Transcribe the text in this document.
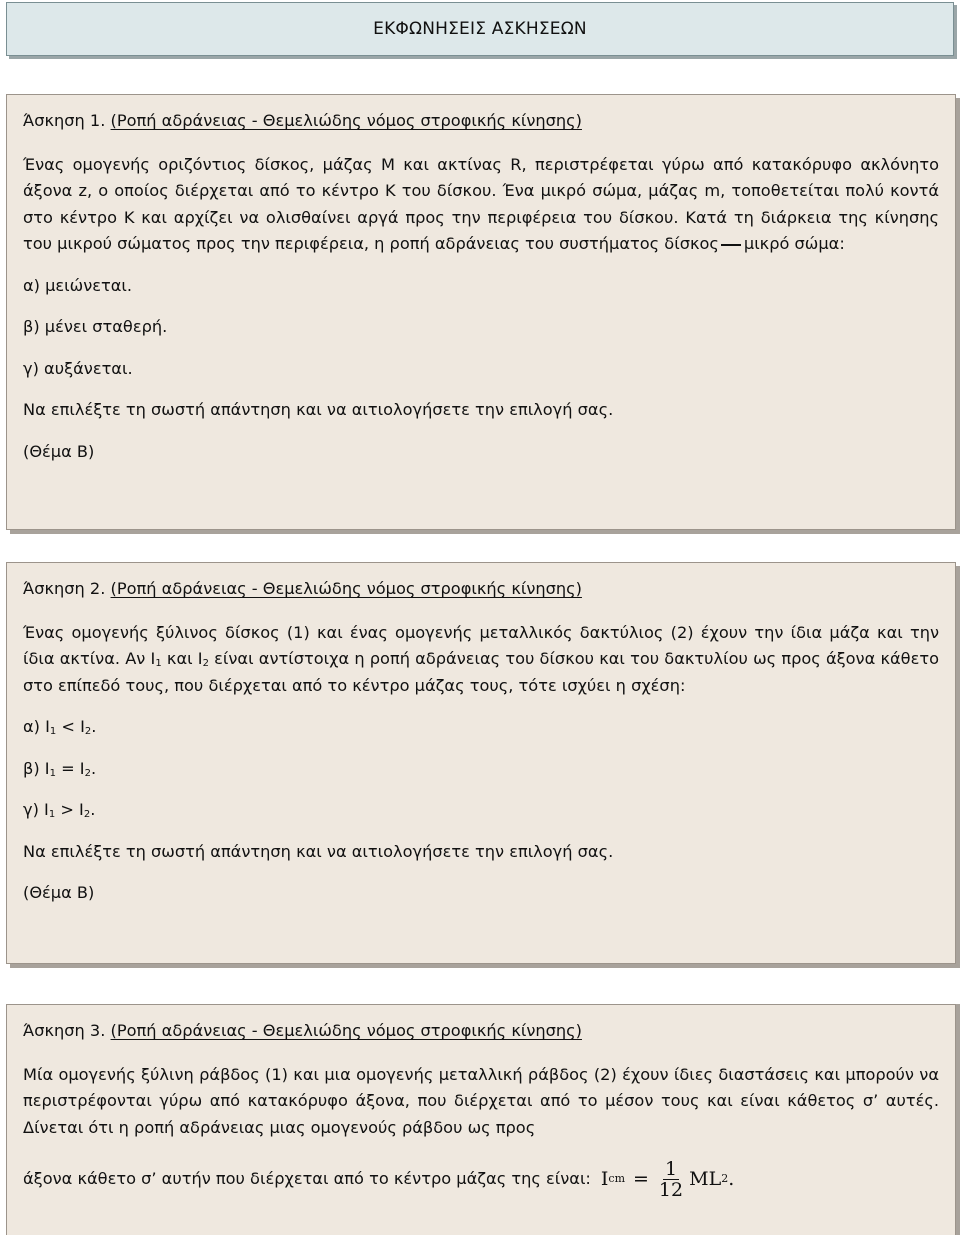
ΕΚΦΩΝΗΣΕΙΣ ΑΣΚΗΣΕΩΝ

Άσκηση 1. (Ροπή αδράνειας - Θεμελιώδης νόμος στροφικής κίνησης)

Ένας ομογενής οριζόντιος δίσκος, μάζας M και ακτίνας R, περιστρέφεται γύρω από κατακόρυφο ακλόνητο άξονα z, ο οποίος διέρχεται από το κέντρο K του δίσκου. Ένα μικρό σώμα, μάζας m, τοποθετείται πολύ κοντά στο κέντρο K και αρχίζει να ολισθαίνει αργά προς την περιφέρεια του δίσκου. Κατά τη διάρκεια της κίνησης του μικρού σώματος προς την περιφέρεια, η ροπή αδράνειας του συστήματος δίσκος μικρό σώμα:

α) μειώνεται.

β) μένει σταθερή.

γ) αυξάνεται.

Να επιλέξτε τη σωστή απάντηση και να αιτιολογήσετε την επιλογή σας.

(Θέμα Β)

Άσκηση 2. (Ροπή αδράνειας - Θεμελιώδης νόμος στροφικής κίνησης)

Ένας ομογενής ξύλινος δίσκος (1) και ένας ομογενής μεταλλικός δακτύλιος (2) έχουν την ίδια μάζα και την ίδια ακτίνα. Αν $I_1$ και $I_2$ είναι αντίστοιχα η ροπή αδράνειας του δίσκου και του δακτυλίου ως προς άξονα κάθετο στο επίπεδό τους, που διέρχεται από το κέντρο μάζας τους, τότε ισχύει η σχέση:

α) $I_1 < I_2$.

β) $I_1 = I_2$.

γ) $I_1 > I_2$.

Να επιλέξτε τη σωστή απάντηση και να αιτιολογήσετε την επιλογή σας.

(Θέμα Β)

Άσκηση 3. (Ροπή αδράνειας - Θεμελιώδης νόμος στροφικής κίνησης)

Μία ομογενής ξύλινη ράβδος (1) και μια ομογενής μεταλλική ράβδος (2) έχουν ίδιες διαστάσεις και μπορούν να περιστρέφονται γύρω από κατακόρυφο άξονα, που διέρχεται από το μέσον τους και είναι κάθετος σ’ αυτές. Δίνεται ότι η ροπή αδράνειας μιας ομογενούς ράβδου ως προς

άξονα κάθετο σ’ αυτήν που διέρχεται από το κέντρο μάζας της είναι: I cm = $\frac{1}{12}$ ML 2 .
